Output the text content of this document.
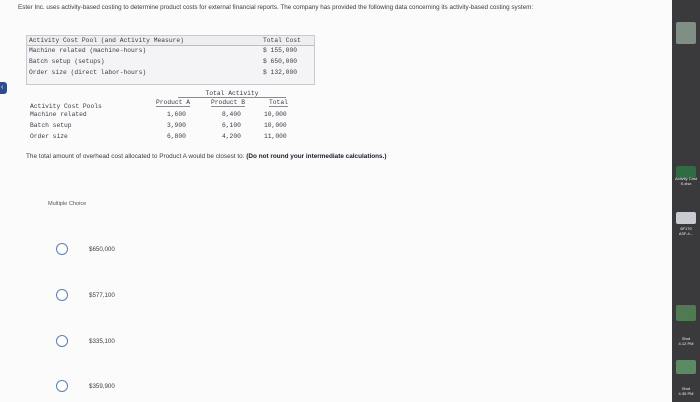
‹
Ester Inc. uses activity-based costing to determine product costs for external financial reports. The company has provided the following data concerning its activity-based costing system:
Activity Cost Pool (and Activity Measure)	Total Cost
Machine related (machine-hours)	$ 155,000
Batch setup (setups)	$ 650,000
Order size (direct labor-hours)	$ 132,000
Total Activity
Activity Cost Pools
Product A	Product B	Total
Machine related	1,600	8,400	10,000
Batch setup	3,900	6,100	10,000
Order size	6,800	4,200	11,000
The total amount of overhead cost allocated to Product A would be closest to: (Do not round your intermediate calculations.)
Multiple Choice
$650,000
$577,100
$335,100
$359,900
Activity Cost
S.xlsx
6F170
A3F-4...
Shot
4.12 PM
Shot
4.35 PM
